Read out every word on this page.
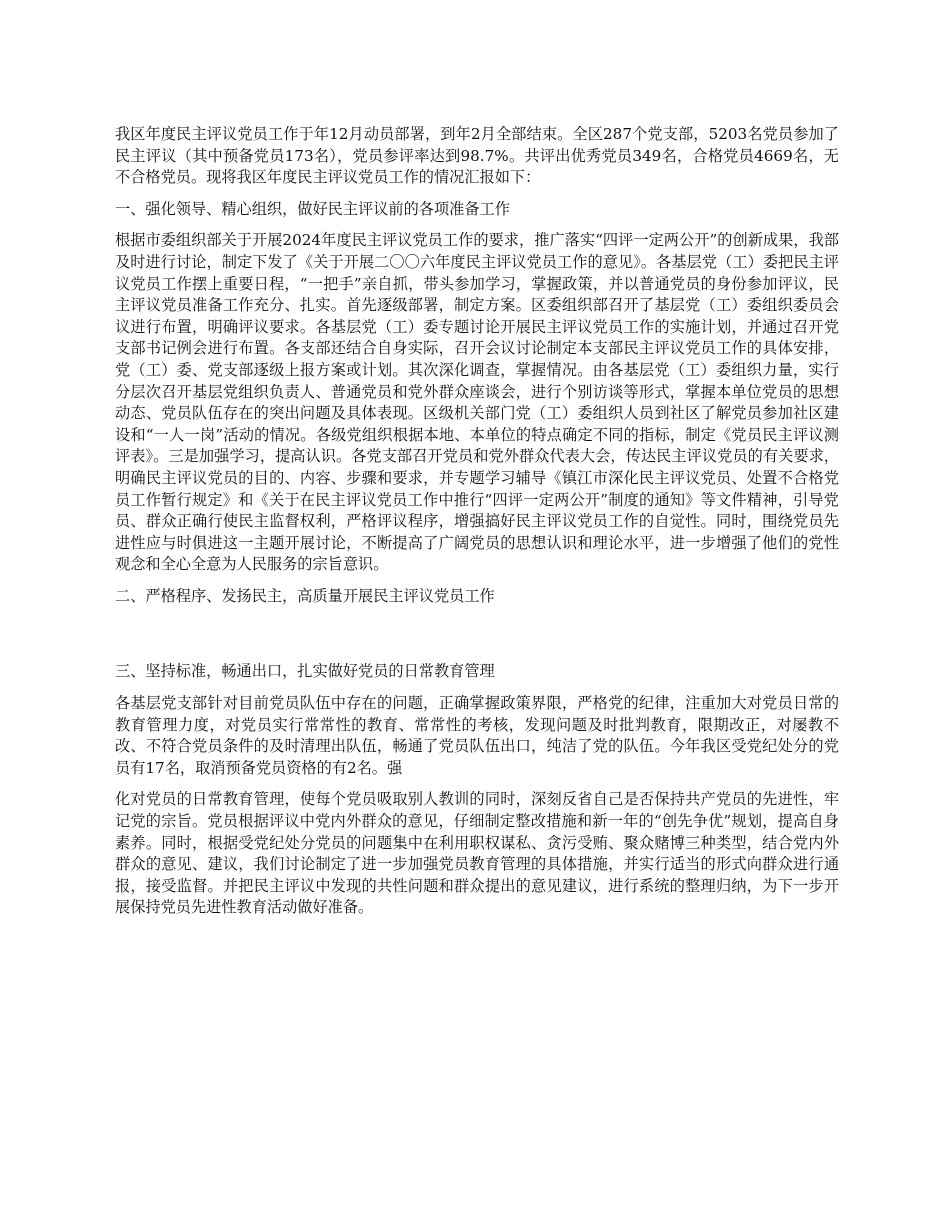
我区年度民主评议党员工作于年12月动员部署，到年2月全部结束。全区287个党支部，5203名党员参加了民主评议（其中预备党员173名），党员参评率达到98.7%。共评出优秀党员349名，合格党员4669名，无不合格党员。现将我区年度民主评议党员工作的情况汇报如下：

一、强化领导、精心组织，做好民主评议前的各项准备工作

根据市委组织部关于开展2024年度民主评议党员工作的要求，推广落实“四评一定两公开”的创新成果，我部及时进行讨论，制定下发了《关于开展二〇〇六年度民主评议党员工作的意见》。各基层党（工）委把民主评议党员工作摆上重要日程，“一把手”亲自抓，带头参加学习，掌握政策，并以普通党员的身份参加评议，民主评议党员准备工作充分、扎实。首先逐级部署，制定方案。区委组织部召开了基层党（工）委组织委员会议进行布置，明确评议要求。各基层党（工）委专题讨论开展民主评议党员工作的实施计划，并通过召开党支部书记例会进行布置。各支部还结合自身实际，召开会议讨论制定本支部民主评议党员工作的具体安排，党（工）委、党支部逐级上报方案或计划。其次深化调查，掌握情况。由各基层党（工）委组织力量，实行分层次召开基层党组织负责人、普通党员和党外群众座谈会，进行个别访谈等形式，掌握本单位党员的思想动态、党员队伍存在的突出问题及具体表现。区级机关部门党（工）委组织人员到社区了解党员参加社区建设和“一人一岗”活动的情况。各级党组织根据本地、本单位的特点确定不同的指标，制定《党员民主评议测评表》。三是加强学习，提高认识。各党支部召开党员和党外群众代表大会，传达民主评议党员的有关要求，明确民主评议党员的目的、内容、步骤和要求，并专题学习辅导《镇江市深化民主评议党员、处置不合格党员工作暂行规定》和《关于在民主评议党员工作中推行“四评一定两公开”制度的通知》等文件精神，引导党员、群众正确行使民主监督权利，严格评议程序，增强搞好民主评议党员工作的自觉性。同时，围绕党员先进性应与时俱进这一主题开展讨论，不断提高了广阔党员的思想认识和理论水平，进一步增强了他们的党性观念和全心全意为人民服务的宗旨意识。

二、严格程序、发扬民主，高质量开展民主评议党员工作

三、坚持标准，畅通出口，扎实做好党员的日常教育管理

各基层党支部针对目前党员队伍中存在的问题，正确掌握政策界限，严格党的纪律，注重加大对党员日常的教育管理力度，对党员实行常常性的教育、常常性的考核，发现问题及时批判教育，限期改正，对屡教不改、不符合党员条件的及时清理出队伍，畅通了党员队伍出口，纯洁了党的队伍。今年我区受党纪处分的党员有17名，取消预备党员资格的有2名。强

化对党员的日常教育管理，使每个党员吸取别人教训的同时，深刻反省自己是否保持共产党员的先进性，牢记党的宗旨。党员根据评议中党内外群众的意见，仔细制定整改措施和新一年的“创先争优”规划，提高自身素养。同时，根据受党纪处分党员的问题集中在利用职权谋私、贪污受贿、聚众赌博三种类型，结合党内外群众的意见、建议，我们讨论制定了进一步加强党员教育管理的具体措施，并实行适当的形式向群众进行通报，接受监督。并把民主评议中发现的共性问题和群众提出的意见建议，进行系统的整理归纳，为下一步开展保持党员先进性教育活动做好准备。
